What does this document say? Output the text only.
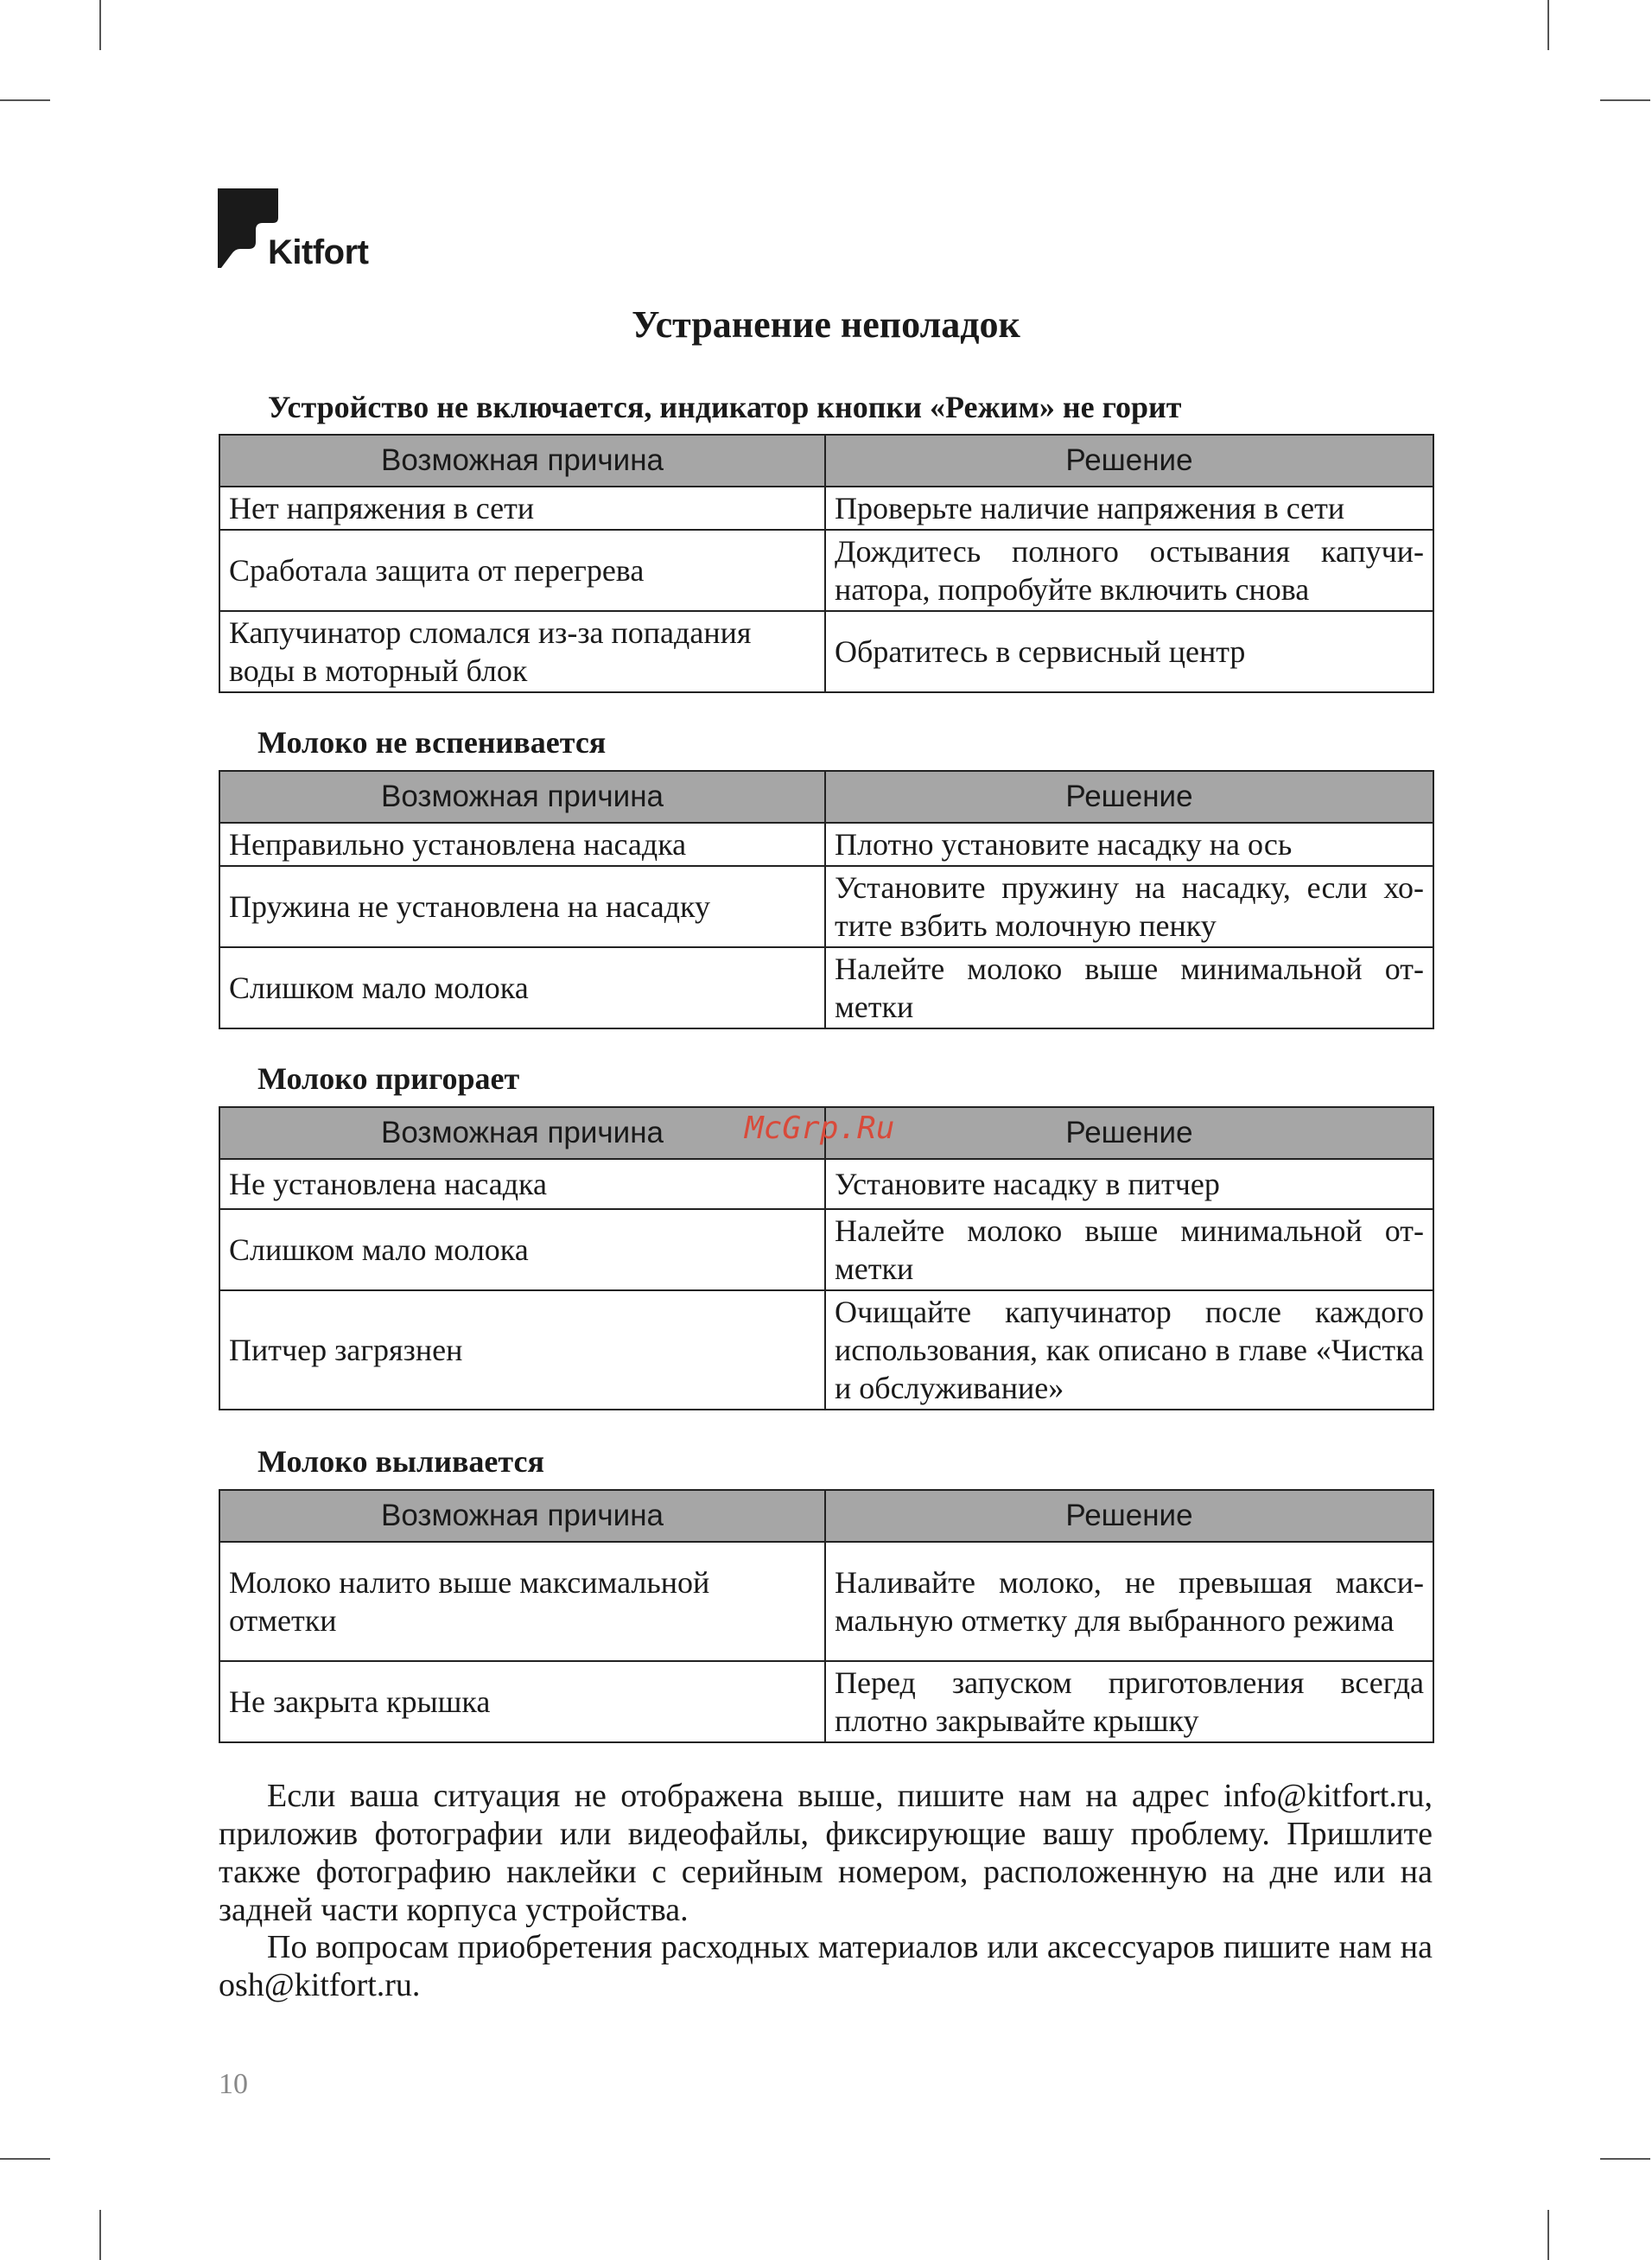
Kitfort
Устранение неполадок
Устройство не включается, индикатор кнопки «Режим» не горит
Возможная причина	Решение
Нет напряжения в сети	Проверьте наличие напряжения в сети
Сработала защита от перегрева	Дождитесь полного остывания капучинатора, попробуйте включить снова
Капучинатор сломался из-за попадания воды в моторный блок	Обратитесь в сервисный центр
Молоко не вспенивается
Возможная причина	Решение
Неправильно установлена насадка	Плотно установите насадку на ось
Пружина не установлена на насадку	Установите пружину на насадку, если хотите взбить молочную пенку
Слишком мало молока	Налейте молоко выше минимальной отметки
Молоко пригорает
Возможная причина	Решение
Не установлена насадка	Установите насадку в питчер
Слишком мало молока	Налейте молоко выше минимальной отметки
Питчер загрязнен	Очищайте капучинатор после каждого использования, как описано в главе «Чистка и обслуживание»
Молоко выливается
Возможная причина	Решение
Молоко налито выше максимальной отметки	Наливайте молоко, не превышая максимальную отметку для выбранного режима
Не закрыта крышка	Перед запуском приготовления всегда плотно закрывайте крышку
Если ваша ситуация не отображена выше, пишите нам на адрес info@kitfort.ru, приложив фотографии или видеофайлы, фиксирующие вашу проблему. Пришлите также фотографию наклейки с серийным номером, расположенную на дне или на задней части корпуса устройства.
По вопросам приобретения расходных материалов или аксессуаров пишите нам на osh@kitfort.ru.
McGrp.Ru
10
